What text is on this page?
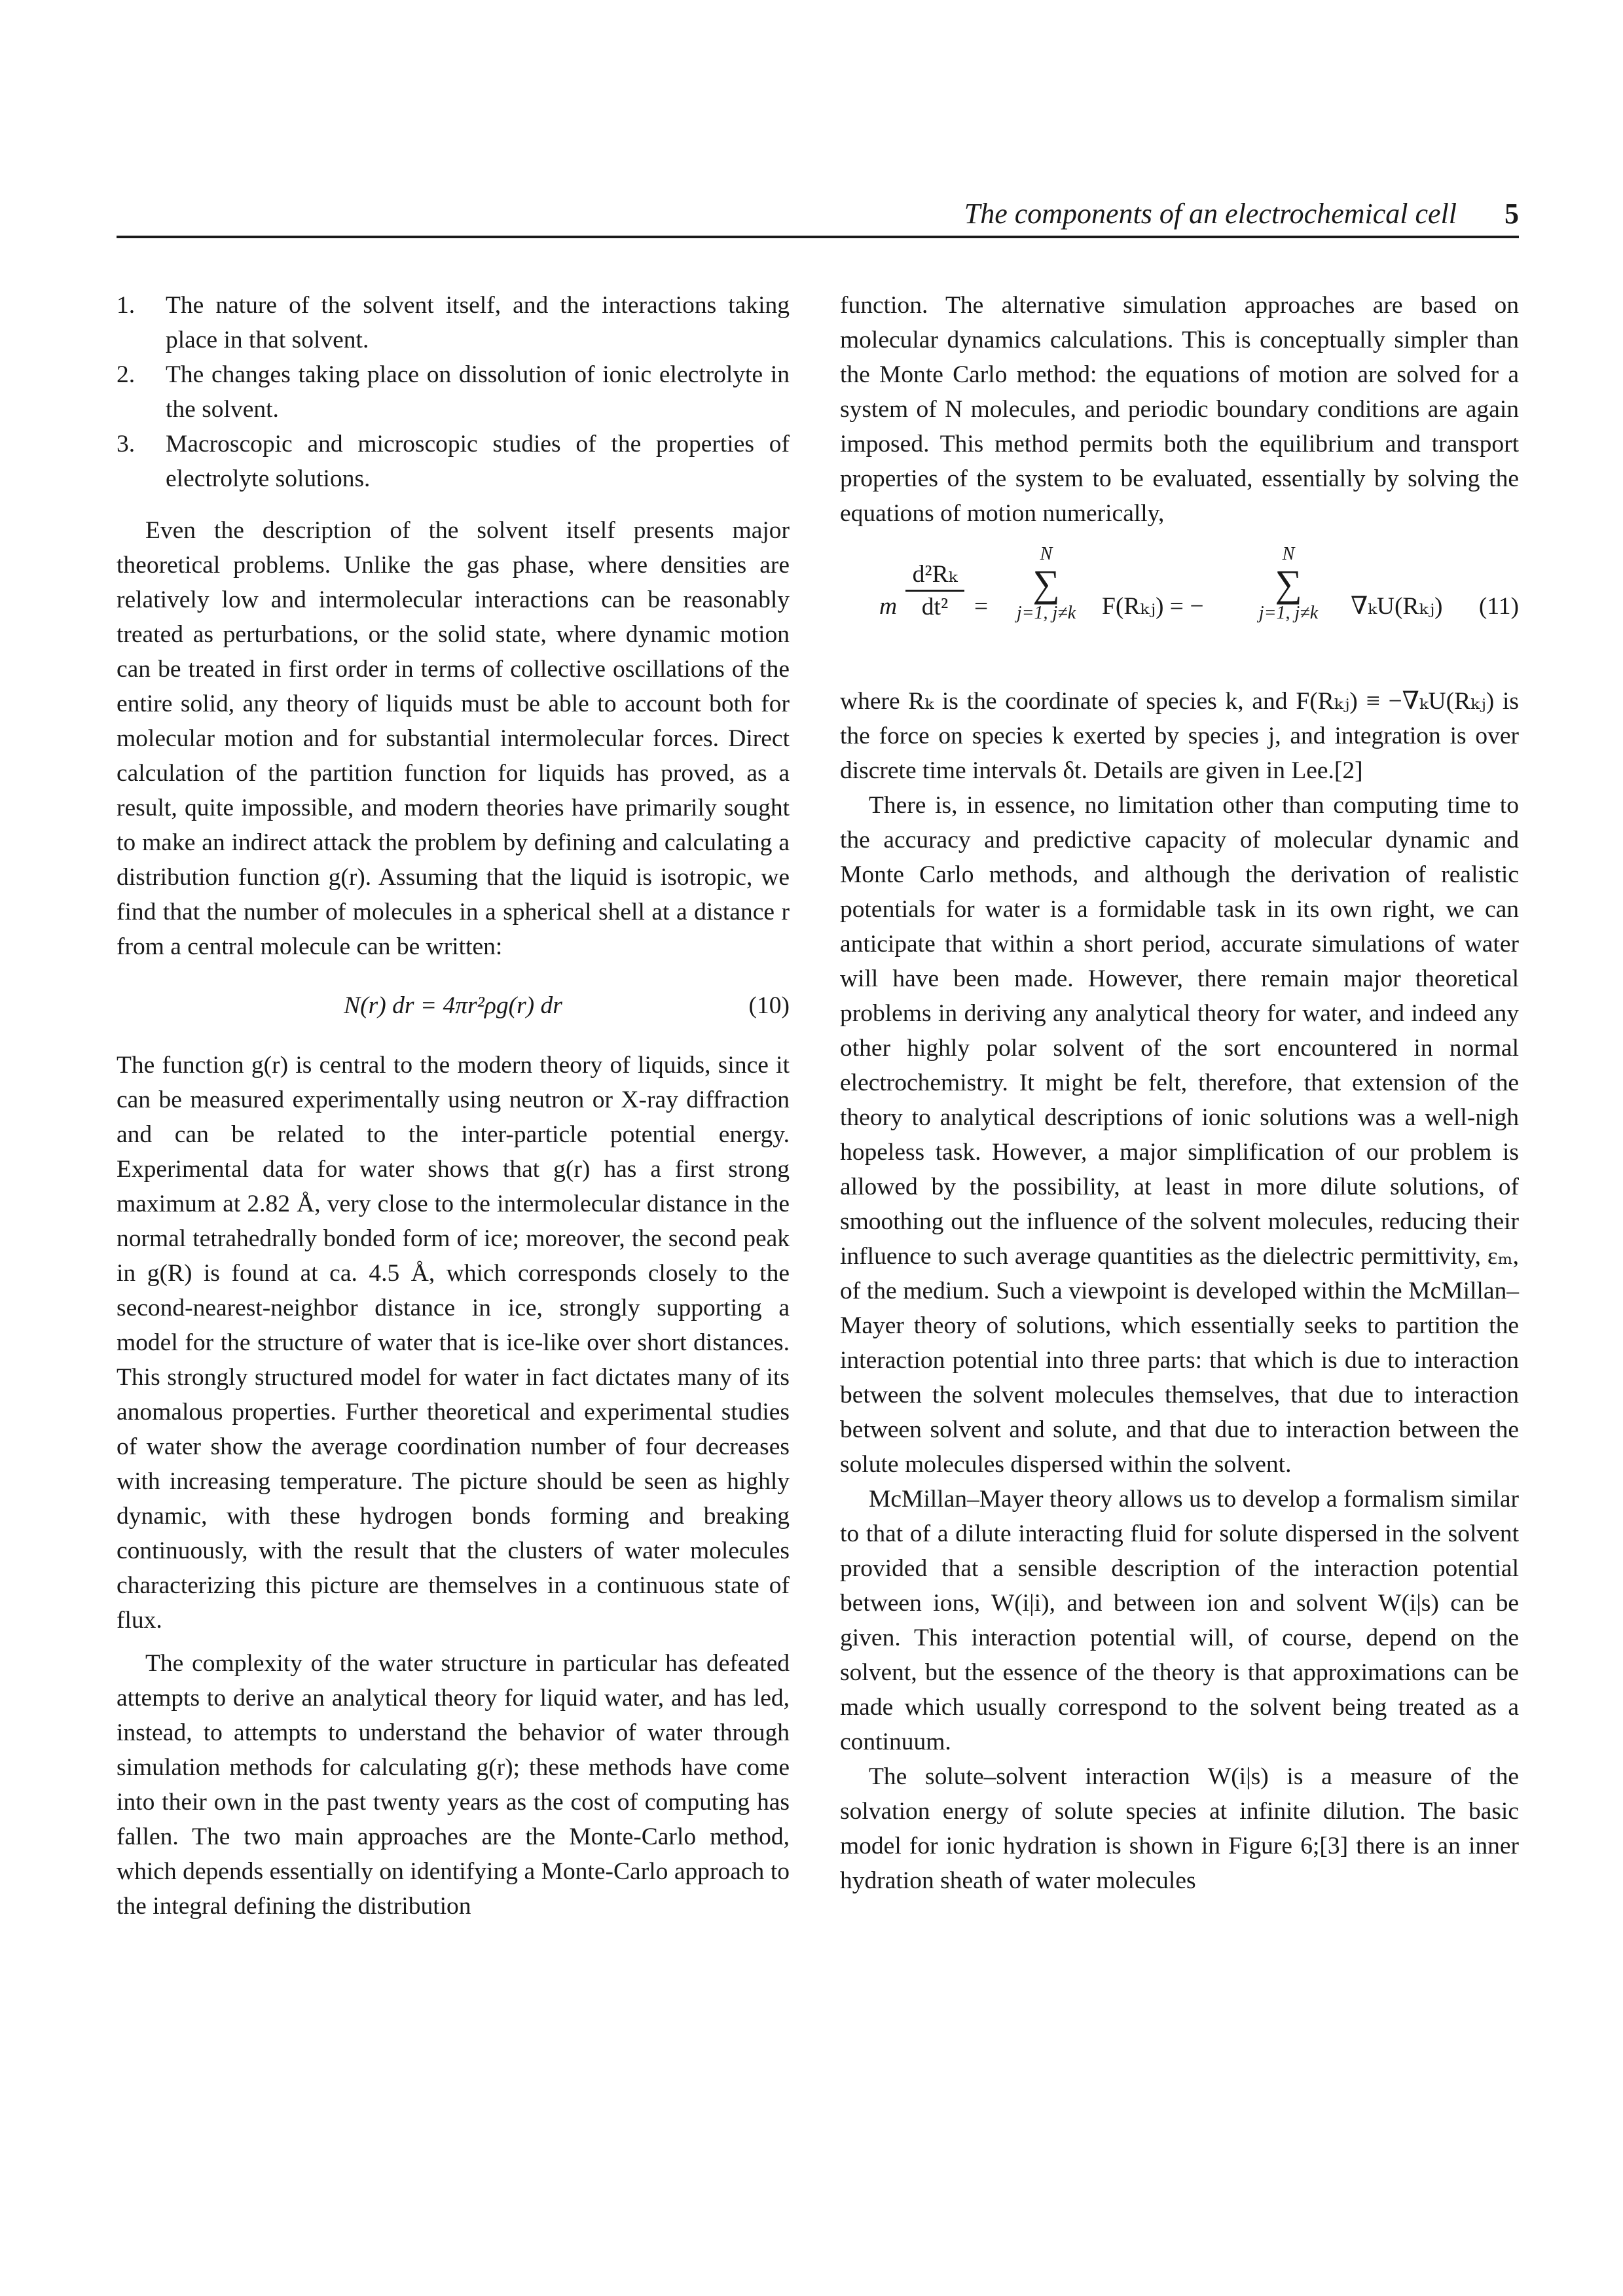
The components of an electrochemical cell 5
1. The nature of the solvent itself, and the interactions taking place in that solvent.
2. The changes taking place on dissolution of ionic electrolyte in the solvent.
3. Macroscopic and microscopic studies of the properties of electrolyte solutions.

Even the description of the solvent itself presents major theoretical problems. Unlike the gas phase, where densities are relatively low and intermolecular interactions can be reasonably treated as perturbations, or the solid state, where dynamic motion can be treated in first order in terms of collective oscillations of the entire solid, any theory of liquids must be able to account both for molecular motion and for substantial intermolecular forces. Direct calculation of the partition function for liquids has proved, as a result, quite impossible, and modern theories have primarily sought to make an indirect attack the problem by defining and calculating a distribution function g(r). Assuming that the liquid is isotropic, we find that the number of molecules in a spherical shell at a distance r from a central molecule can be written:

N(r) dr = 4πr²ρg(r) dr	(10)

The function g(r) is central to the modern theory of liquids, since it can be measured experimentally using neutron or X-ray diffraction and can be related to the inter-particle potential energy. Experimental data for water shows that g(r) has a first strong maximum at 2.82 Å, very close to the intermolecular distance in the normal tetrahedrally bonded form of ice; moreover, the second peak in g(R) is found at ca. 4.5 Å, which corresponds closely to the second-nearest-neighbor distance in ice, strongly supporting a model for the structure of water that is ice-like over short distances. This strongly structured model for water in fact dictates many of its anomalous properties. Further theoretical and experimental studies of water show the average coordination number of four decreases with increasing temperature. The picture should be seen as highly dynamic, with these hydrogen bonds forming and breaking continuously, with the result that the clusters of water molecules characterizing this picture are themselves in a continuous state of flux.

The complexity of the water structure in particular has defeated attempts to derive an analytical theory for liquid water, and has led, instead, to attempts to understand the behavior of water through simulation methods for calculating g(r); these methods have come into their own in the past twenty years as the cost of computing has fallen. The two main approaches are the Monte-Carlo method, which depends essentially on identifying a Monte-Carlo approach to the integral defining the distribution

function. The alternative simulation approaches are based on molecular dynamics calculations. This is conceptually simpler than the Monte Carlo method: the equations of motion are solved for a system of N molecules, and periodic boundary conditions are again imposed. This method permits both the equilibrium and transport properties of the system to be evaluated, essentially by solving the equations of motion numerically,

m
d²Rₖ
dt²	=
N
∑
j=1, j≠k	F(Rₖⱼ) = −
N
∑
j=1, j≠k	∇ₖU(Rₖⱼ) (11)

where Rₖ is the coordinate of species k, and F(Rₖⱼ) ≡ −∇ₖU(Rₖⱼ) is the force on species k exerted by species j, and integration is over discrete time intervals δt. Details are given in Lee.[2]

There is, in essence, no limitation other than computing time to the accuracy and predictive capacity of molecular dynamic and Monte Carlo methods, and although the derivation of realistic potentials for water is a formidable task in its own right, we can anticipate that within a short period, accurate simulations of water will have been made. However, there remain major theoretical problems in deriving any analytical theory for water, and indeed any other highly polar solvent of the sort encountered in normal electrochemistry. It might be felt, therefore, that extension of the theory to analytical descriptions of ionic solutions was a well-nigh hopeless task. However, a major simplification of our problem is allowed by the possibility, at least in more dilute solutions, of smoothing out the influence of the solvent molecules, reducing their influence to such average quantities as the dielectric permittivity, εₘ, of the medium. Such a viewpoint is developed within the McMillan–Mayer theory of solutions, which essentially seeks to partition the interaction potential into three parts: that which is due to interaction between the solvent molecules themselves, that due to interaction between solvent and solute, and that due to interaction between the solute molecules dispersed within the solvent.

McMillan–Mayer theory allows us to develop a formalism similar to that of a dilute interacting fluid for solute dispersed in the solvent provided that a sensible description of the interaction potential between ions, W(i|i), and between ion and solvent W(i|s) can be given. This interaction potential will, of course, depend on the solvent, but the essence of the theory is that approximations can be made which usually correspond to the solvent being treated as a continuum.

The solute–solvent interaction W(i|s) is a measure of the solvation energy of solute species at infinite dilution. The basic model for ionic hydration is shown in Figure 6;[3] there is an inner hydration sheath of water molecules
